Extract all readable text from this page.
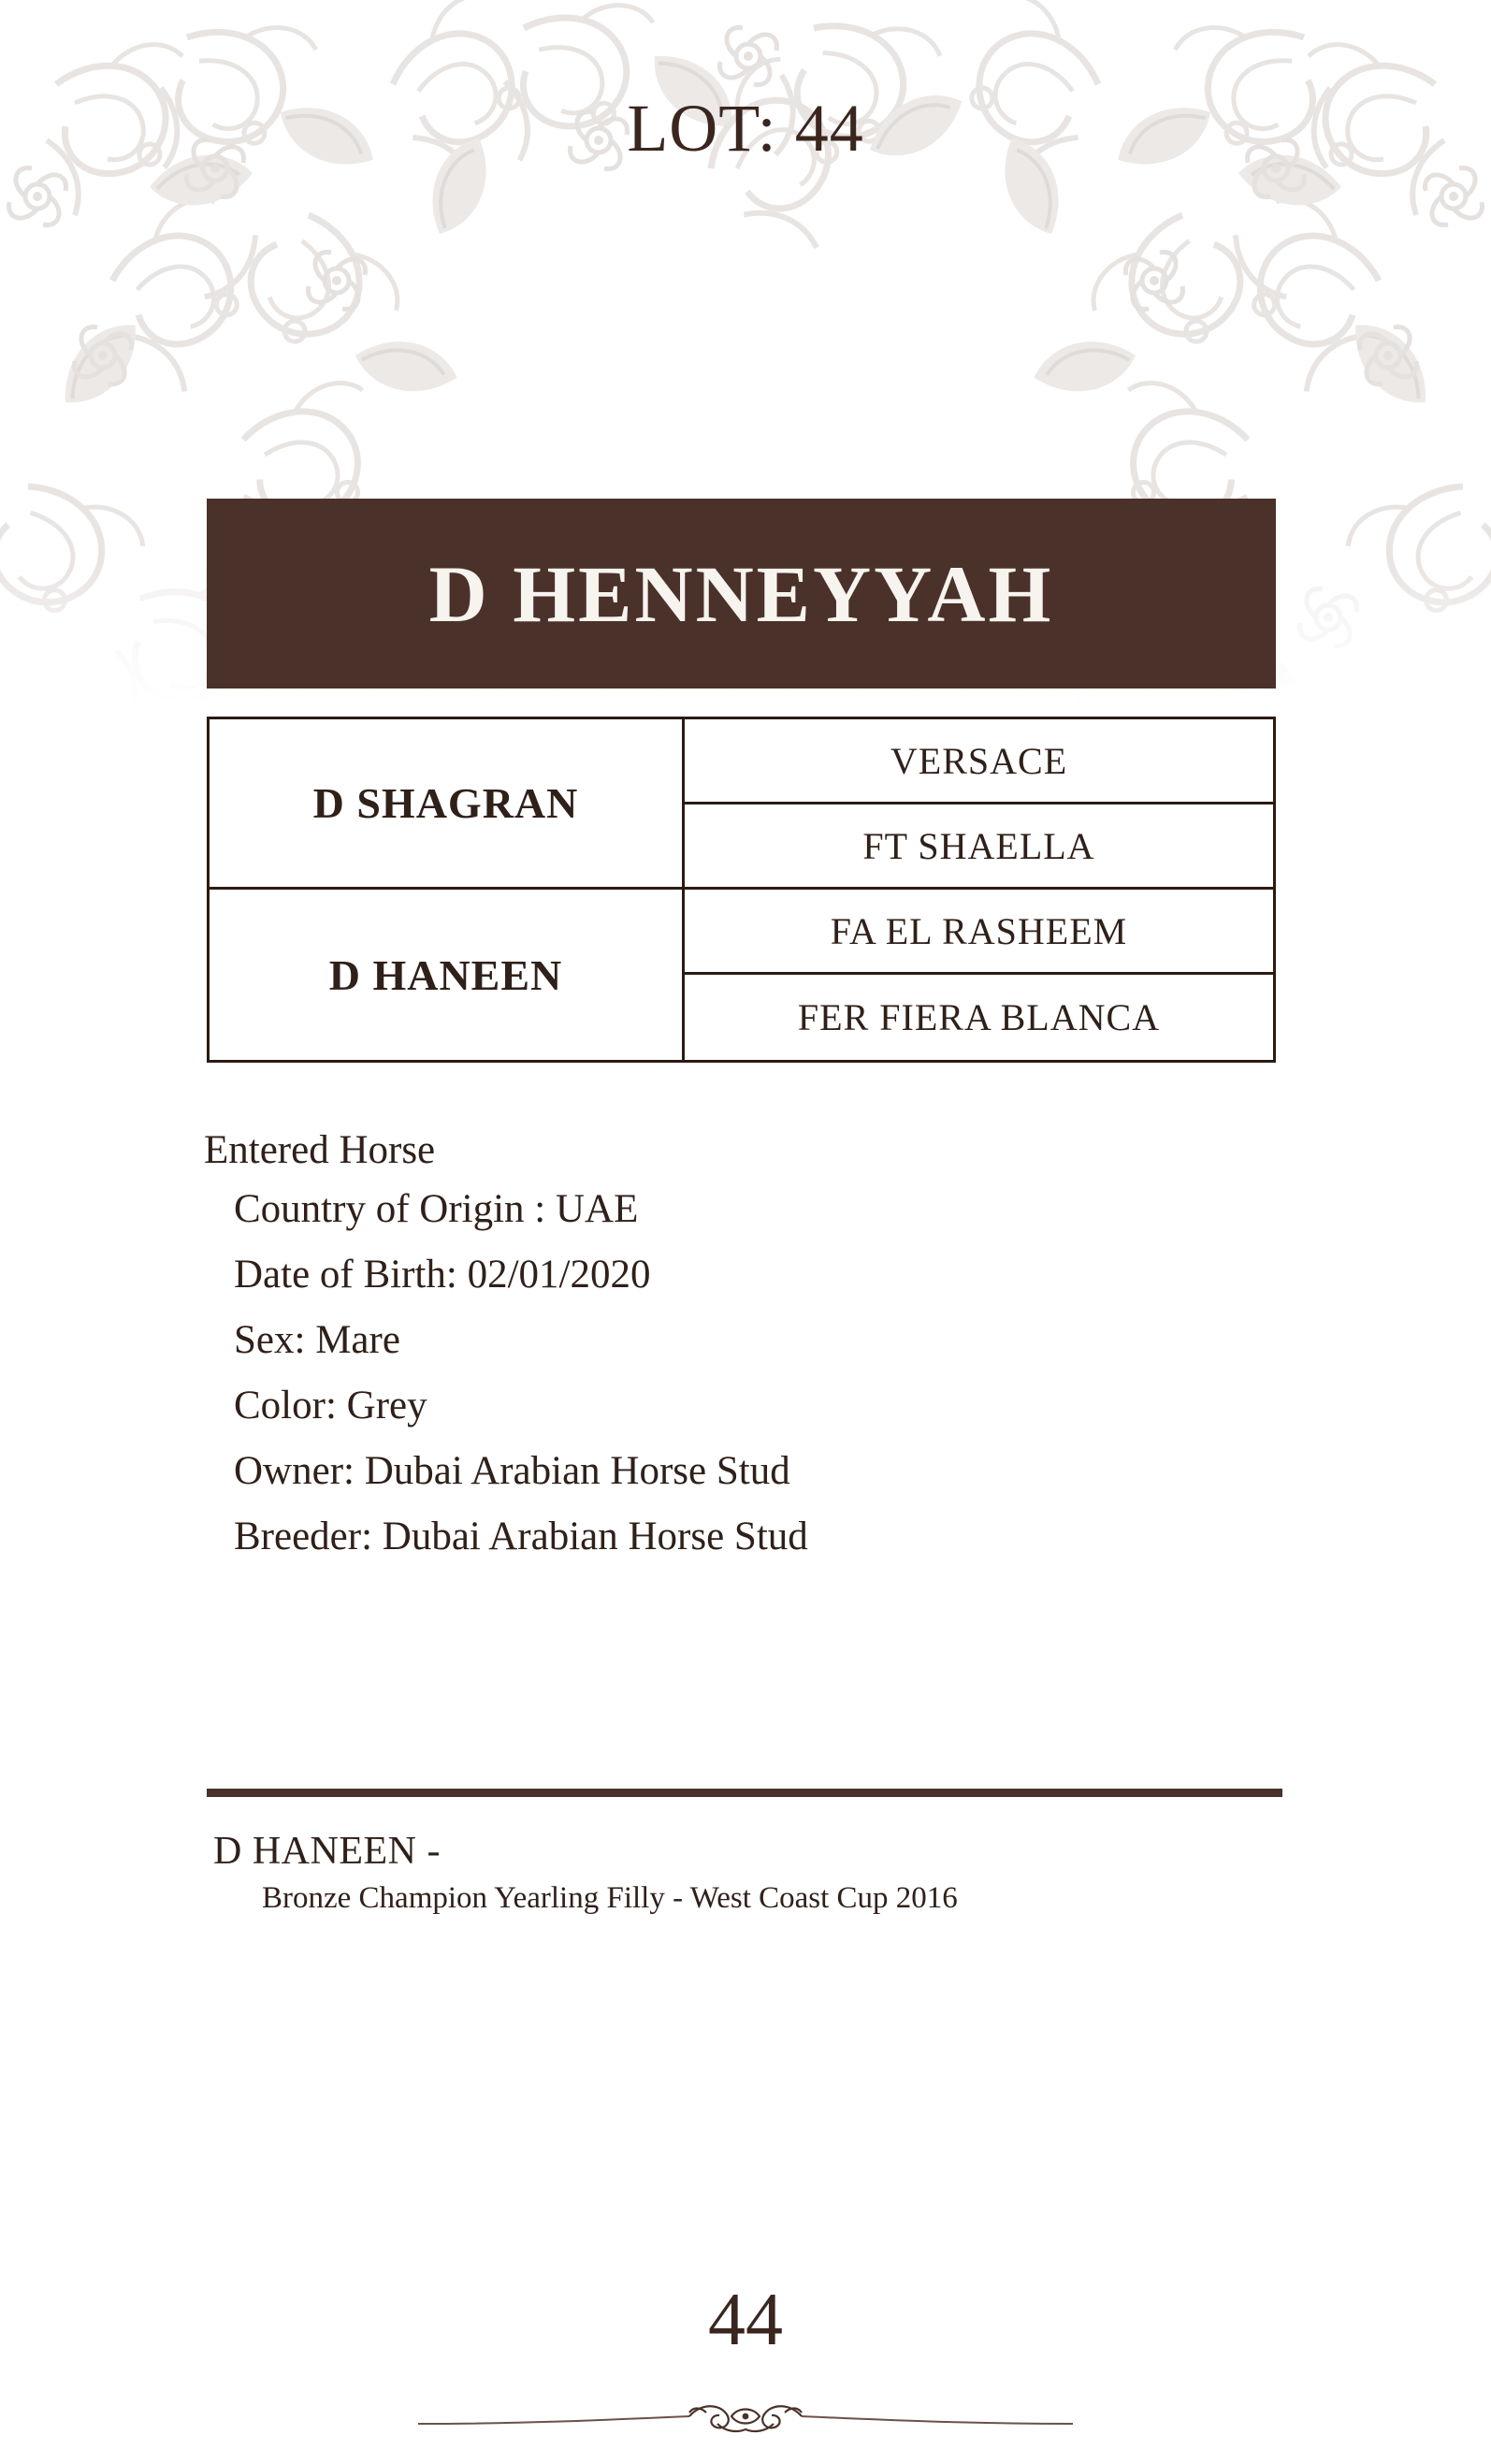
LOT: 44
D HENNEYYAH
D SHAGRAN
D HANEEN
VERSACE
FT SHAELLA
FA EL RASHEEM
FER FIERA BLANCA

Entered Horse

Country of Origin : UAE
Date of Birth: 02/01/2020
Sex: Mare
Color: Grey
Owner: Dubai Arabian Horse Stud
Breeder: Dubai Arabian Horse Stud

D HANEEN -

Bronze Champion Yearling Filly - West Coast Cup 2016

44
